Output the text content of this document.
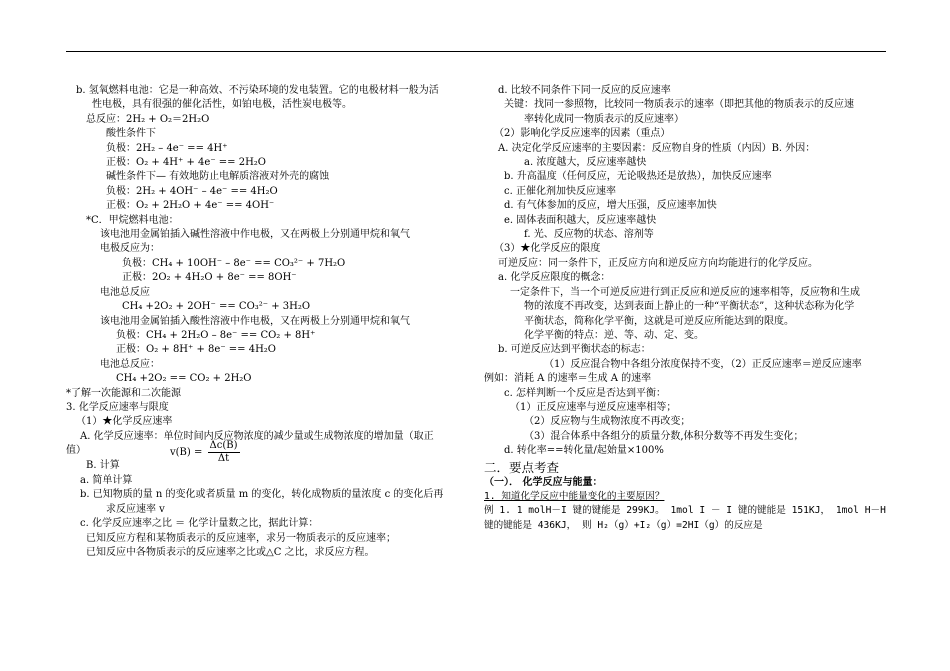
b. 氢氧燃料电池：它是一种高效、不污染环境的发电装置。它的电极材料一般为活
性电极，具有很强的催化活性，如铂电极，活性炭电极等。
总反应：2H₂ + O₂＝2H₂O
酸性条件下
负极：2H₂ – 4e⁻ == 4H⁺
正极：O₂ + 4H⁺ + 4e⁻ == 2H₂O
碱性条件下— 有效地防止电解质溶液对外壳的腐蚀
负极：2H₂ + 4OH⁻ – 4e⁻ == 4H₂O
正极：O₂ + 2H₂O + 4e⁻ == 4OH⁻
*C．甲烷燃料电池：
该电池用金属铂插入碱性溶液中作电极，又在两极上分别通甲烷和氧气
电极反应为：
负极：CH₄ + 10OH⁻ – 8e⁻ == CO₃²⁻ + 7H₂O
正极：2O₂ + 4H₂O + 8e⁻ == 8OH⁻
电池总反应
CH₄ +2O₂ + 2OH⁻ == CO₃²⁻ + 3H₂O
该电池用金属铂插入酸性溶液中作电极，又在两极上分别通甲烷和氧气
负极：CH₄ + 2H₂O – 8e⁻ == CO₂ + 8H⁺
正极：O₂ + 8H⁺ + 8e⁻ == 4H₂O
电池总反应：
CH₄ +2O₂ == CO₂ + 2H₂O
*了解一次能源和二次能源
3. 化学反应速率与限度
（1）★化学反应速率
A. 化学反应速率：单位时间内反应物浓度的减少量或生成物浓度的增加量（取正
值）	$v(B) = \frac{\Delta c(B)}{\Delta t}$
B. 计算
a. 简单计算
b. 已知物质的量 n 的变化或者质量 m 的变化，转化成物质的量浓度 c 的变化后再
求反应速率 v
c. 化学反应速率之比 ＝ 化学计量数之比，据此计算：
已知反应方程和某物质表示的反应速率，求另一物质表示的反应速率；
已知反应中各物质表示的反应速率之比或△C 之比，求反应方程。
d. 比较不同条件下同一反应的反应速率
关键：找同一参照物，比较同一物质表示的速率（即把其他的物质表示的反应速
率转化成同一物质表示的反应速率）
（2）影响化学反应速率的因素（重点）
A. 决定化学反应速率的主要因素：反应物自身的性质（内因）B. 外因：
a. 浓度越大，反应速率越快
b. 升高温度（任何反应，无论吸热还是放热），加快反应速率
c. 正催化剂加快反应速率
d. 有气体参加的反应，增大压强，反应速率加快
e. 固体表面积越大，反应速率越快
f. 光、反应物的状态、溶剂等
（3）★化学反应的限度
可逆反应：同一条件下，正反应方向和逆反应方向均能进行的化学反应。
a. 化学反应限度的概念：
一定条件下，当一个可逆反应进行到正反应和逆反应的速率相等，反应物和生成
物的浓度不再改变，达到表面上静止的一种“平衡状态”，这种状态称为化学
平衡状态，简称化学平衡，这就是可逆反应所能达到的限度。
化学平衡的特点：逆、等、动、定、变。
b. 可逆反应达到平衡状态的标志：
（1）反应混合物中各组分浓度保持不变，（2）正反应速率＝逆反应速率
例如：消耗 A 的速率＝生成 A 的速率
c. 怎样判断一个反应是否达到平衡：
（1）正反应速率与逆反应速率相等；
（2）反应物与生成物浓度不再改变；
（3）混合体系中各组分的质量分数,体积分数等不再发生变化；
d. 转化率==转化量/起始量×100%
二．要点考查
（一）． 化学反应与能量：
1. 知道化学反应中能量变化的主要原因？
例 1. 1 molH－I 键的键能是 299KJ。 1mol I － I 键的键能是 151KJ， 1mol H－H
键的键能是 436KJ， 则 H₂（g）+I₂（g）=2HI（g）的反应是
